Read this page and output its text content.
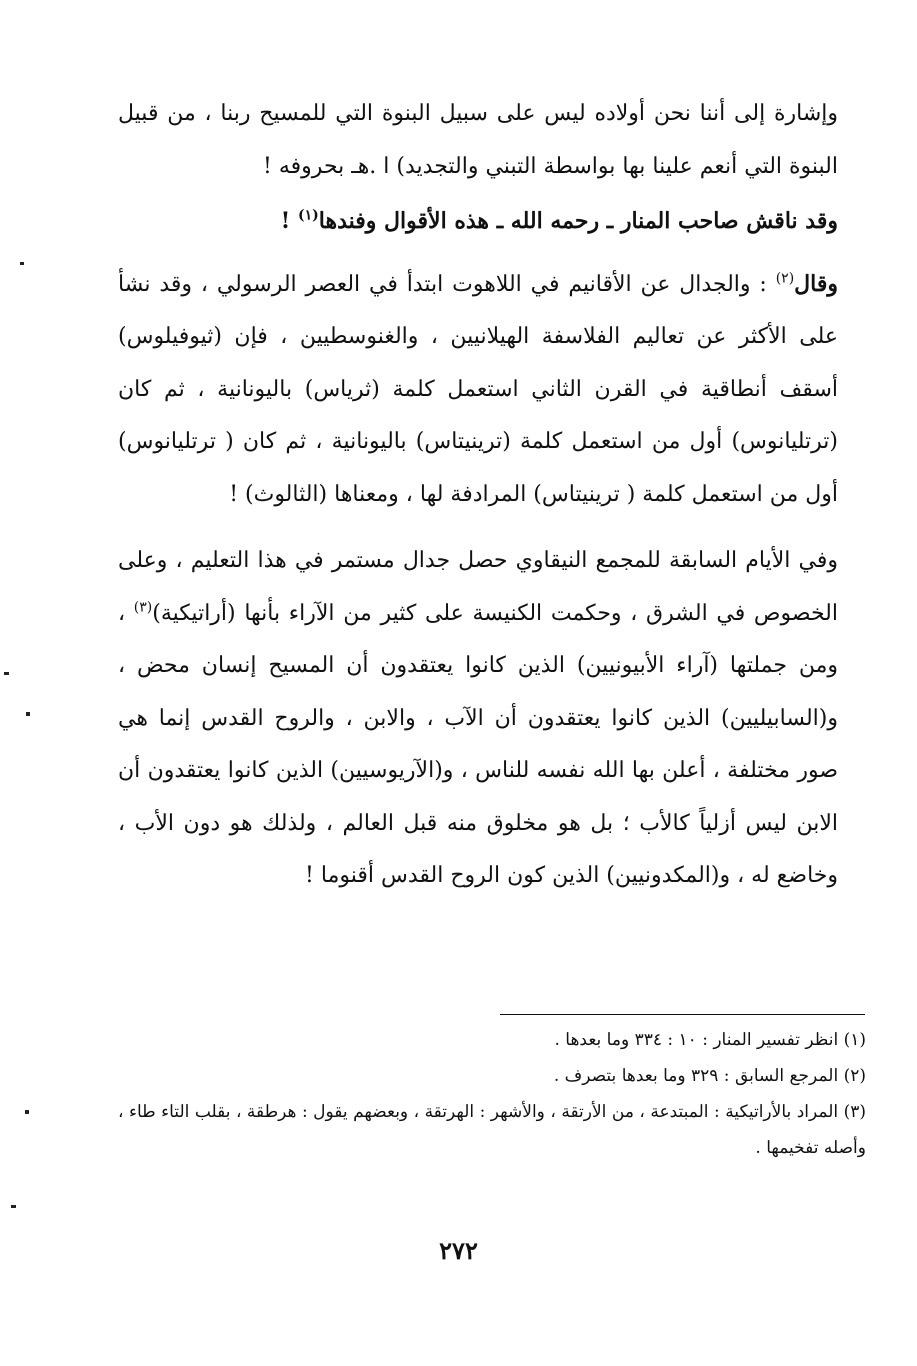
وإشارة إلى أننا نحن أولاده ليس على سبيل البنوة التي للمسيح ربنا ، من قبيل البنوة التي أنعم علينا بها بواسطة التبني والتجديد) ا .هـ بحروفه !

وقد ناقش صاحب المنار ـ رحمه الله ـ هذه الأقوال وفندها$^{(١)}$ !

وقال$^{(٢)}$ : والجدال عن الأقانيم في اللاهوت ابتدأ في العصر الرسولي ، وقد نشأ على الأكثر عن تعاليم الفلاسفة الهيلانيين ، والغنوسطيين ، فإن (ثيوفيلوس) أسقف أنطاقية في القرن الثاني استعمل كلمة (ثرياس) باليونانية ، ثم كان (ترتليانوس) أول من استعمل كلمة (ترينيتاس) باليونانية ، ثم كان ( ترتليانوس) أول من استعمل كلمة ( ترينيتاس) المرادفة لها ، ومعناها (الثالوث) !

وفي الأيام السابقة للمجمع النيقاوي حصل جدال مستمر في هذا التعليم ، وعلى الخصوص في الشرق ، وحكمت الكنيسة على كثير من الآراء بأنها (أراتيكية)$^{(٣)}$ ، ومن جملتها (آراء الأبيونيين) الذين كانوا يعتقدون أن المسيح إنسان محض ، و(السابيليين) الذين كانوا يعتقدون أن الآب ، والابن ، والروح القدس إنما هي صور مختلفة ، أعلن بها الله نفسه للناس ، و(الآريوسيين) الذين كانوا يعتقدون أن الابن ليس أزلياً كالأب ؛ بل هو مخلوق منه قبل العالم ، ولذلك هو دون الأب ، وخاضع له ، و(المكدونيين) الذين كون الروح القدس أقنوما !

(١) انظر تفسير المنار : ١٠ : ٣٣٤ وما بعدها .

(٢) المرجع السابق : ٣٢٩ وما بعدها بتصرف .

(٣) المراد بالأراتيكية : المبتدعة ، من الأرتقة ، والأشهر : الهرتقة ، وبعضهم يقول : هرطقة ، بقلب التاء طاء ، وأصله تفخيمها .

٢٧٢
